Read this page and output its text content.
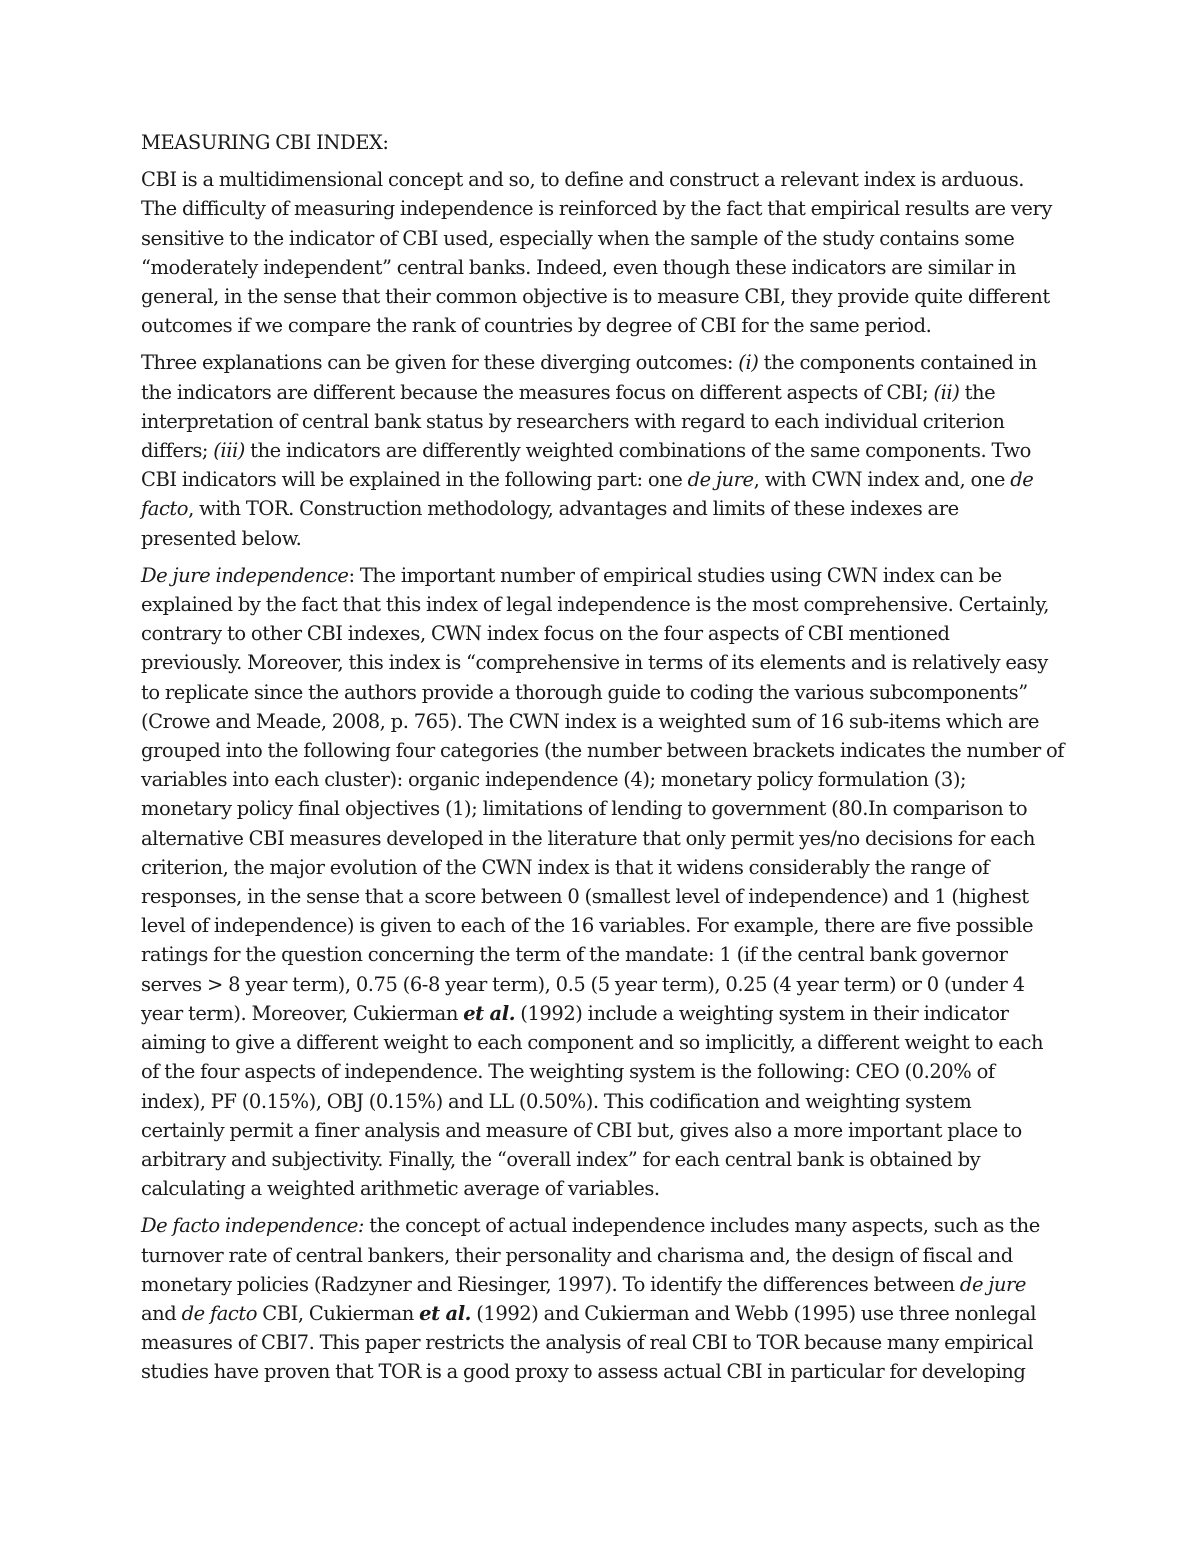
MEASURING CBI INDEX:

CBI is a multidimensional concept and so, to define and construct a relevant index is arduous.
The difficulty of measuring independence is reinforced by the fact that empirical results are very
sensitive to the indicator of CBI used, especially when the sample of the study contains some
“moderately independent” central banks. Indeed, even though these indicators are similar in
general, in the sense that their common objective is to measure CBI, they provide quite different
outcomes if we compare the rank of countries by degree of CBI for the same period.

Three explanations can be given for these diverging outcomes: (i) the components contained in
the indicators are different because the measures focus on different aspects of CBI; (ii) the
interpretation of central bank status by researchers with regard to each individual criterion
differs; (iii) the indicators are differently weighted combinations of the same components. Two
CBI indicators will be explained in the following part: one de jure, with CWN index and, one de
facto, with TOR. Construction methodology, advantages and limits of these indexes are
presented below.

De jure independence: The important number of empirical studies using CWN index can be
explained by the fact that this index of legal independence is the most comprehensive. Certainly,
contrary to other CBI indexes, CWN index focus on the four aspects of CBI mentioned
previously. Moreover, this index is “comprehensive in terms of its elements and is relatively easy
to replicate since the authors provide a thorough guide to coding the various subcomponents”
(Crowe and Meade, 2008, p. 765). The CWN index is a weighted sum of 16 sub-items which are
grouped into the following four categories (the number between brackets indicates the number of
variables into each cluster): organic independence (4); monetary policy formulation (3);
monetary policy final objectives (1); limitations of lending to government (80.In comparison to
alternative CBI measures developed in the literature that only permit yes/no decisions for each
criterion, the major evolution of the CWN index is that it widens considerably the range of
responses, in the sense that a score between 0 (smallest level of independence) and 1 (highest
level of independence) is given to each of the 16 variables. For example, there are five possible
ratings for the question concerning the term of the mandate: 1 (if the central bank governor
serves > 8 year term), 0.75 (6-8 year term), 0.5 (5 year term), 0.25 (4 year term) or 0 (under 4
year term). Moreover, Cukierman et al. (1992) include a weighting system in their indicator
aiming to give a different weight to each component and so implicitly, a different weight to each
of the four aspects of independence. The weighting system is the following: CEO (0.20% of
index), PF (0.15%), OBJ (0.15%) and LL (0.50%). This codification and weighting system
certainly permit a finer analysis and measure of CBI but, gives also a more important place to
arbitrary and subjectivity. Finally, the “overall index” for each central bank is obtained by
calculating a weighted arithmetic average of variables.

De facto independence: the concept of actual independence includes many aspects, such as the
turnover rate of central bankers, their personality and charisma and, the design of fiscal and
monetary policies (Radzyner and Riesinger, 1997). To identify the differences between de jure
and de facto CBI, Cukierman et al. (1992) and Cukierman and Webb (1995) use three nonlegal
measures of CBI7. This paper restricts the analysis of real CBI to TOR because many empirical
studies have proven that TOR is a good proxy to assess actual CBI in particular for developing
